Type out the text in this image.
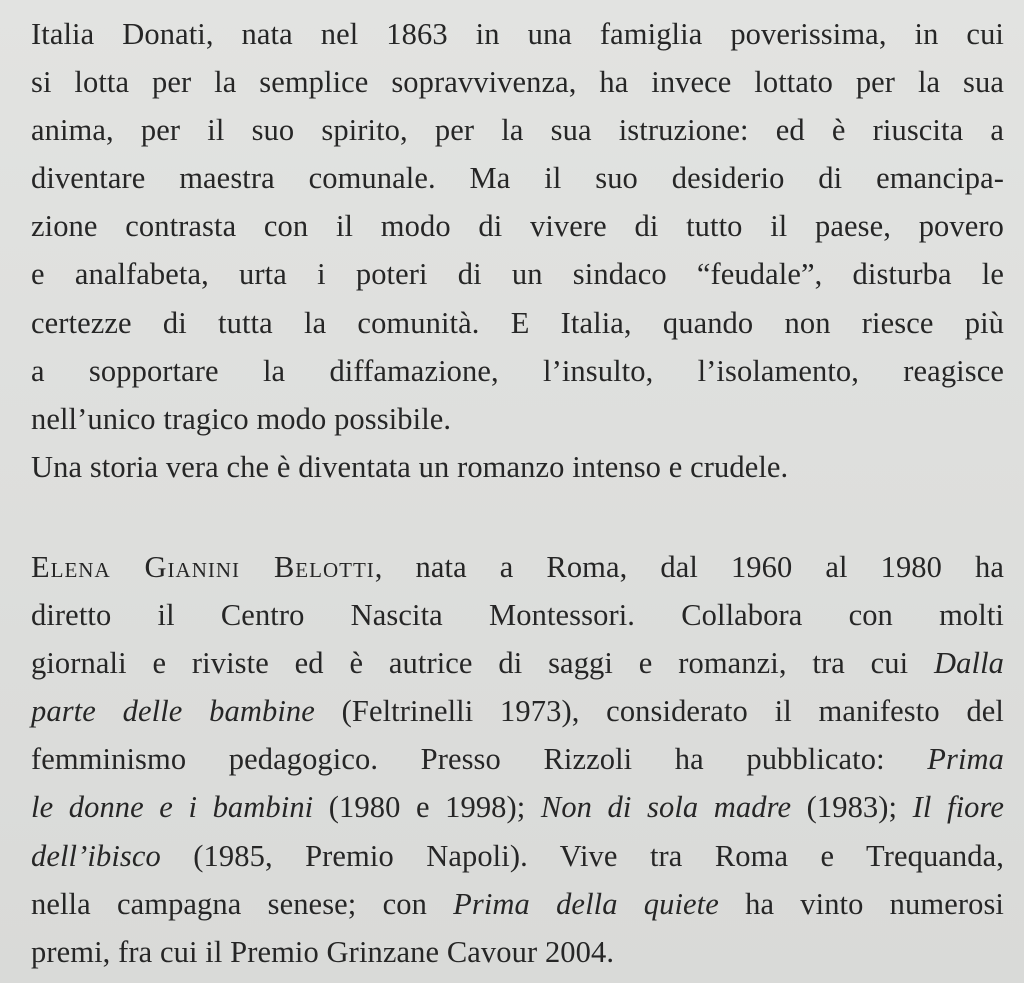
Italia Donati, nata nel 1863 in una famiglia poverissima, in cui
si lotta per la semplice sopravvivenza, ha invece lottato per la sua
anima, per il suo spirito, per la sua istruzione: ed è riuscita a
diventare maestra comunale. Ma il suo desiderio di emancipa-
zione contrasta con il modo di vivere di tutto il paese, povero
e analfabeta, urta i poteri di un sindaco “feudale”, disturba le
certezze di tutta la comunità. E Italia, quando non riesce più
a sopportare la diffamazione, l’insulto, l’isolamento, reagisce
nell’unico tragico modo possibile.
Una storia vera che è diventata un romanzo intenso e crudele.

Elena Gianini Belotti, nata a Roma, dal 1960 al 1980 ha
diretto il Centro Nascita Montessori. Collabora con molti
giornali e riviste ed è autrice di saggi e romanzi, tra cui Dalla
parte delle bambine (Feltrinelli 1973), considerato il manifesto del
femminismo pedagogico. Presso Rizzoli ha pubblicato: Prima
le donne e i bambini (1980 e 1998); Non di sola madre (1983); Il fiore
dell’ibisco (1985, Premio Napoli). Vive tra Roma e Trequanda,
nella campagna senese; con Prima della quiete ha vinto numerosi
premi, fra cui il Premio Grinzane Cavour 2004.
